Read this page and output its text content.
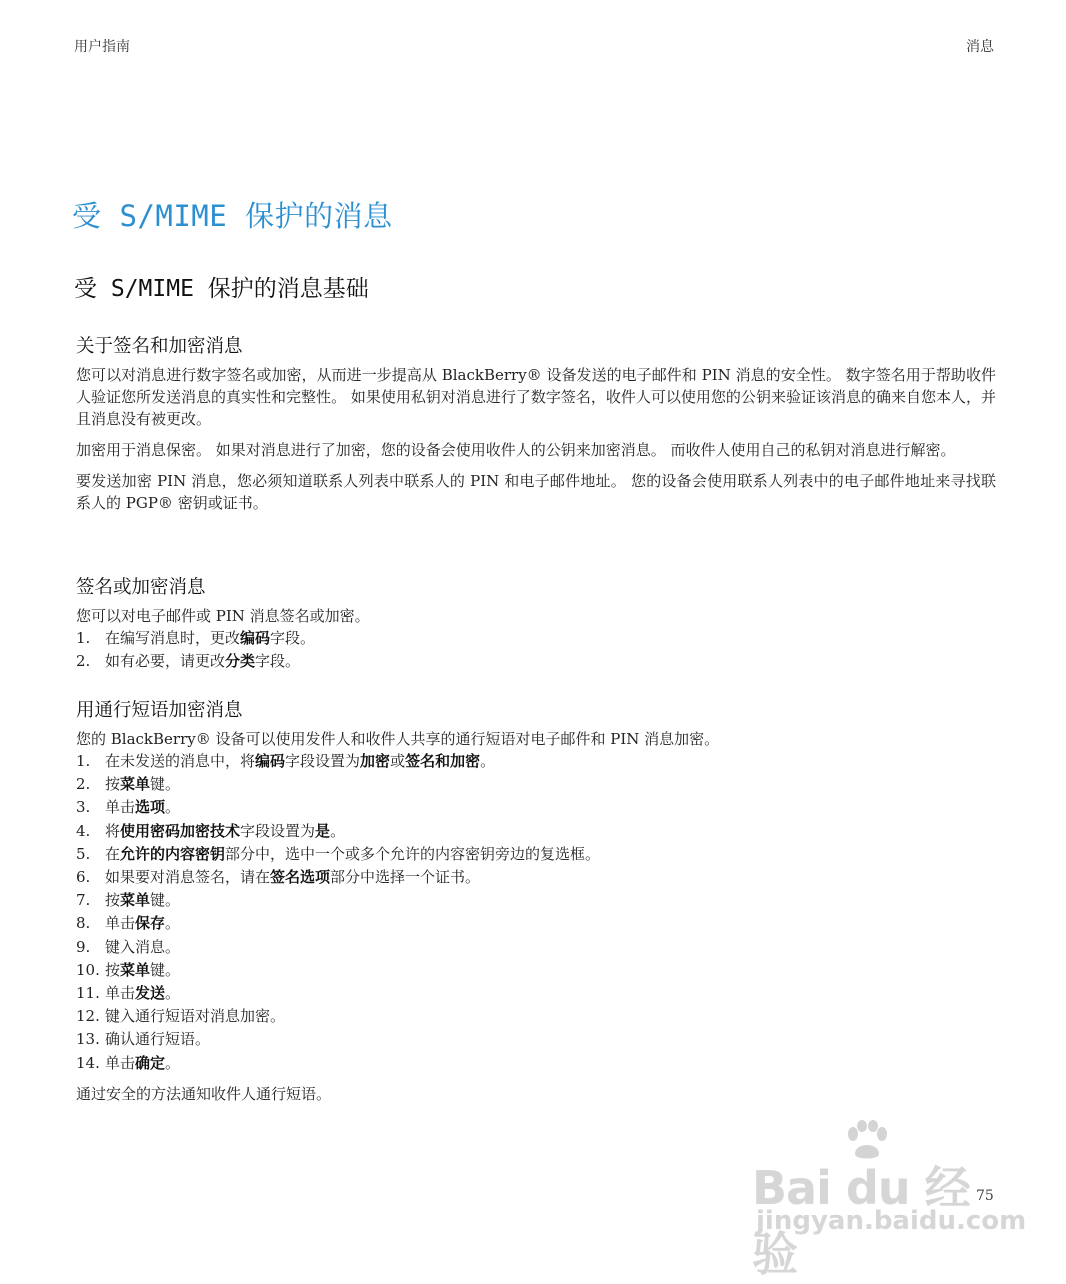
用户指南	消息
受 S/MIME 保护的消息
受 S/MIME 保护的消息基础
关于签名和加密消息

您可以对消息进行数字签名或加密，从而进一步提高从 BlackBerry® 设备发送的电子邮件和 PIN 消息的安全性。 数字签名用于帮助收件人验证您所发送消息的真实性和完整性。 如果使用私钥对消息进行了数字签名，收件人可以使用您的公钥来验证该消息的确来自您本人，并且消息没有被更改。

加密用于消息保密。 如果对消息进行了加密，您的设备会使用收件人的公钥来加密消息。 而收件人使用自己的私钥对消息进行解密。

要发送加密 PIN 消息，您必须知道联系人列表中联系人的 PIN 和电子邮件地址。 您的设备会使用联系人列表中的电子邮件地址来寻找联系人的 PGP® 密钥或证书。

签名或加密消息

您可以对电子邮件或 PIN 消息签名或加密。

1. 在编写消息时，更改编码字段。
2. 如有必要，请更改分类字段。
用通行短语加密消息

您的 BlackBerry® 设备可以使用发件人和收件人共享的通行短语对电子邮件和 PIN 消息加密。

1. 在未发送的消息中，将编码字段设置为加密或签名和加密。
2. 按菜单键。
3. 单击选项。
4. 将使用密码加密技术字段设置为是。
5. 在允许的内容密钥部分中，选中一个或多个允许的内容密钥旁边的复选框。
6. 如果要对消息签名，请在签名选项部分中选择一个证书。
7. 按菜单键。
8. 单击保存。
9. 键入消息。
10. 按菜单键。
11. 单击发送。
12. 键入通行短语对消息加密。
13. 确认通行短语。
14. 单击确定。

通过安全的方法通知收件人通行短语。

75
Bai du 经验
jingyan.baidu.com
